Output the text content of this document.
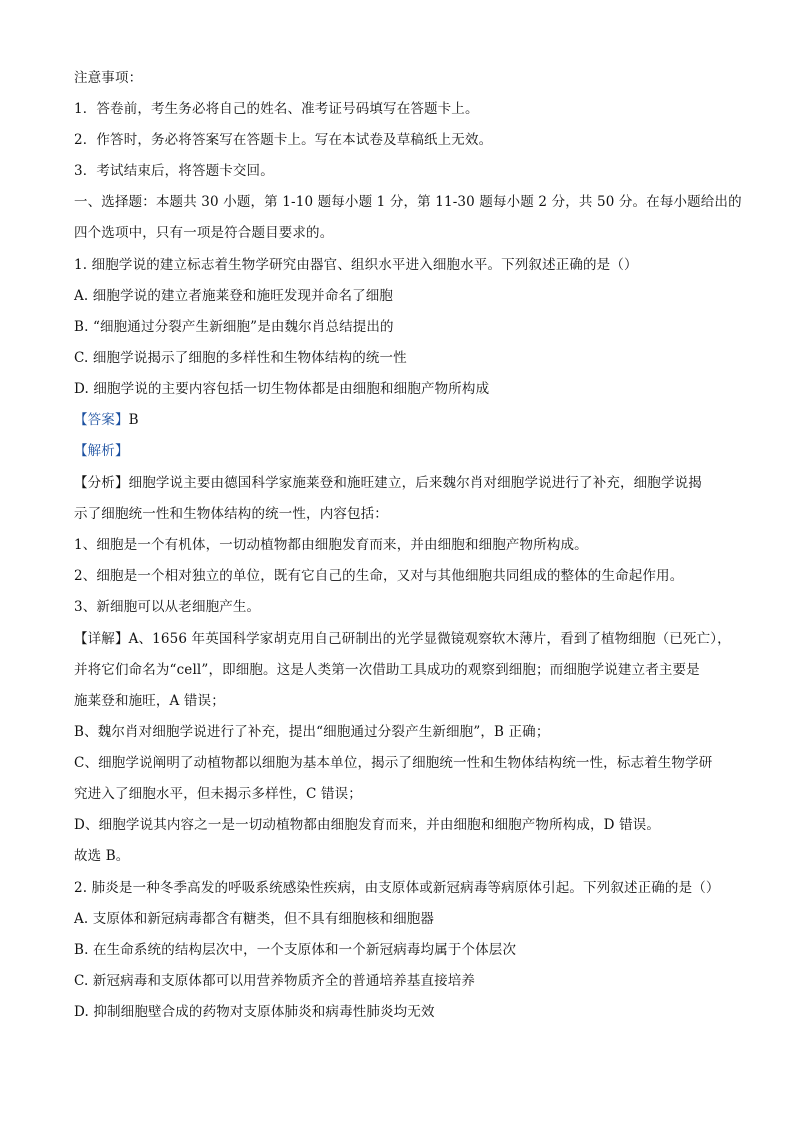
注意事项：
1．答卷前，考生务必将自己的姓名、准考证号码填写在答题卡上。
2．作答时，务必将答案写在答题卡上。写在本试卷及草稿纸上无效。
3．考试结束后，将答题卡交回。
一、选择题：本题共 30 小题，第 1-10 题每小题 1 分，第 11-30 题每小题 2 分，共 50 分。在每小题给出的
四个选项中，只有一项是符合题目要求的。
1. 细胞学说的建立标志着生物学研究由器官、组织水平进入细胞水平。下列叙述正确的是（）
A. 细胞学说的建立者施莱登和施旺发现并命名了细胞
B. “细胞通过分裂产生新细胞”是由魏尔肖总结提出的
C. 细胞学说揭示了细胞的多样性和生物体结构的统一性
D. 细胞学说的主要内容包括一切生物体都是由细胞和细胞产物所构成
【答案】B
【解析】
【分析】细胞学说主要由德国科学家施莱登和施旺建立，后来魏尔肖对细胞学说进行了补充，细胞学说揭
示了细胞统一性和生物体结构的统一性，内容包括：
1、细胞是一个有机体，一切动植物都由细胞发育而来，并由细胞和细胞产物所构成。
2、细胞是一个相对独立的单位，既有它自己的生命，又对与其他细胞共同组成的整体的生命起作用。
3、新细胞可以从老细胞产生。
【详解】A、1656 年英国科学家胡克用自己研制出的光学显微镜观察软木薄片，看到了植物细胞（已死亡），
并将它们命名为“cell”，即细胞。这是人类第一次借助工具成功的观察到细胞；而细胞学说建立者主要是
施莱登和施旺，A 错误；
B、魏尔肖对细胞学说进行了补充，提出“细胞通过分裂产生新细胞”，B 正确；
C、细胞学说阐明了动植物都以细胞为基本单位，揭示了细胞统一性和生物体结构统一性，标志着生物学研
究进入了细胞水平，但未揭示多样性，C 错误；
D、细胞学说其内容之一是一切动植物都由细胞发育而来，并由细胞和细胞产物所构成，D 错误。
故选 B。
2. 肺炎是一种冬季高发的呼吸系统感染性疾病，由支原体或新冠病毒等病原体引起。下列叙述正确的是（）
A. 支原体和新冠病毒都含有糖类，但不具有细胞核和细胞器
B. 在生命系统的结构层次中，一个支原体和一个新冠病毒均属于个体层次
C. 新冠病毒和支原体都可以用营养物质齐全的普通培养基直接培养
D. 抑制细胞壁合成的药物对支原体肺炎和病毒性肺炎均无效
